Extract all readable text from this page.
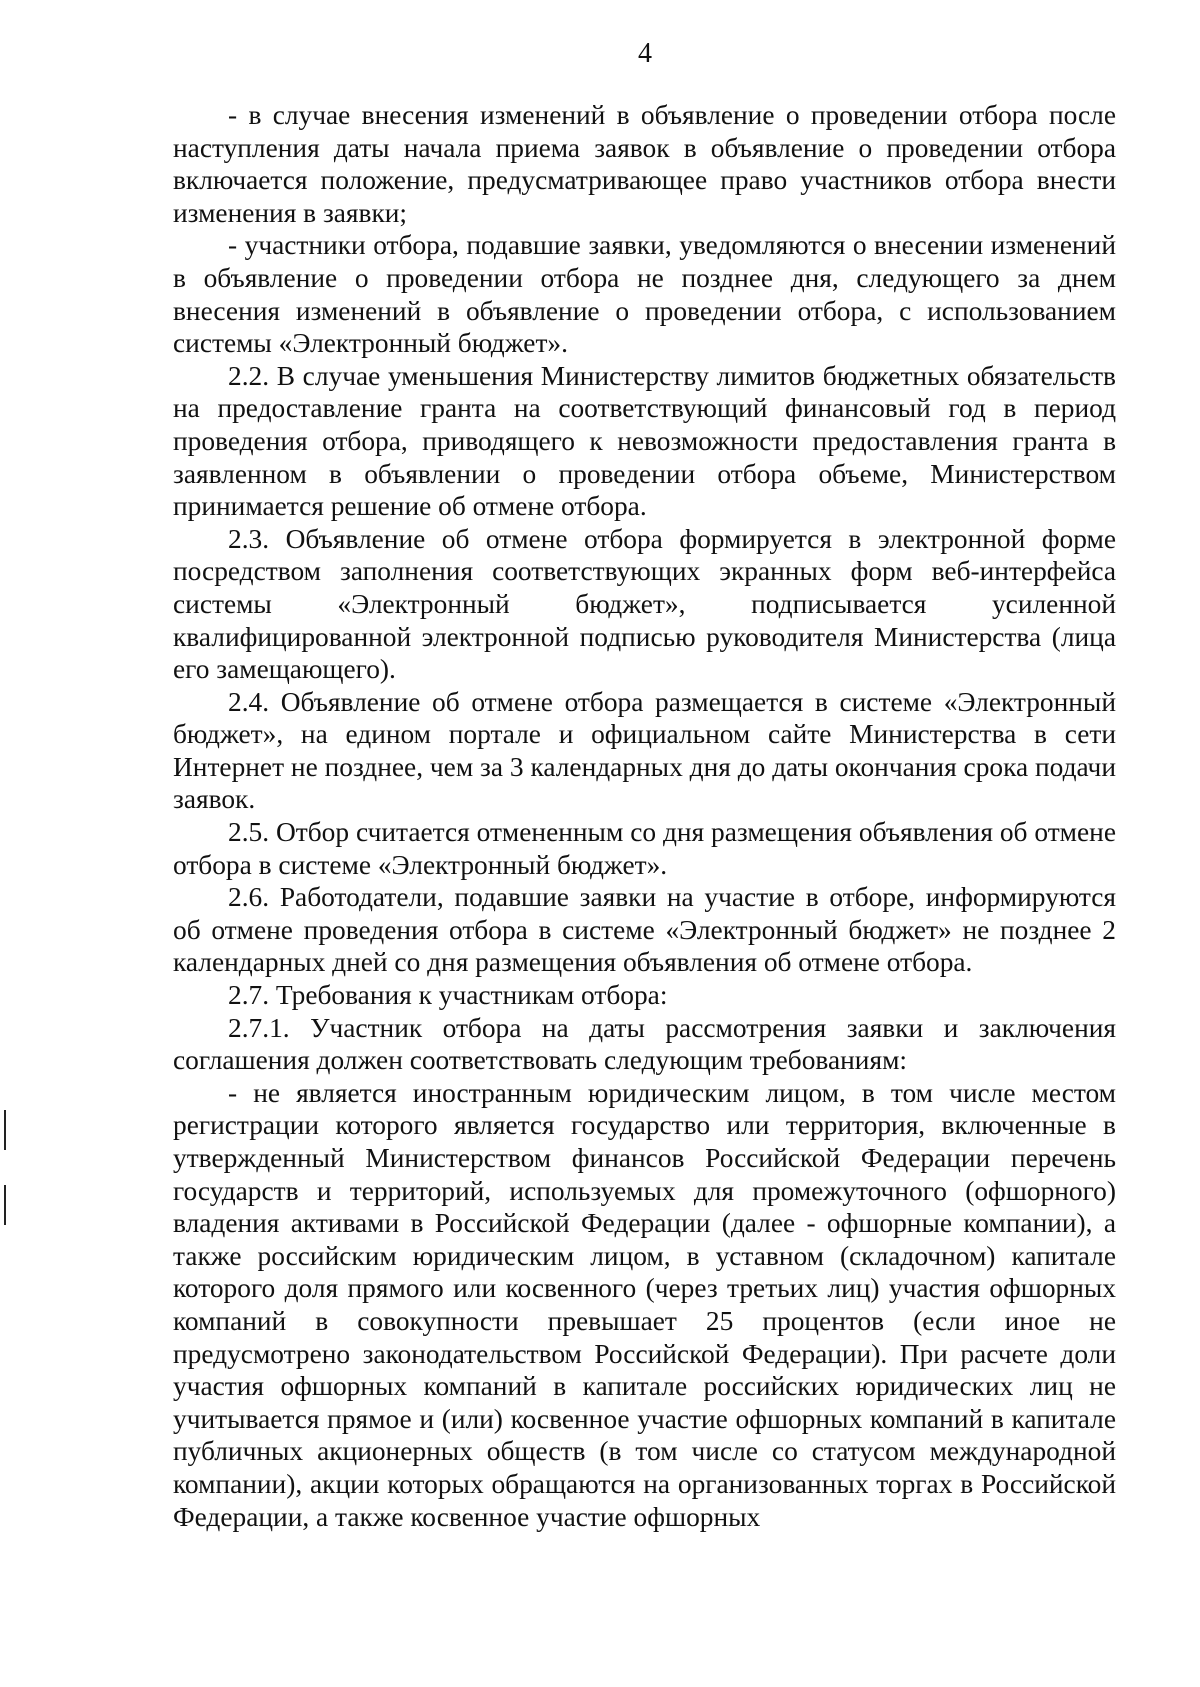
4

- в случае внесения изменений в объявление о проведении отбора после наступления даты начала приема заявок в объявление о проведении отбора включается положение, предусматривающее право участников отбора внести изменения в заявки;

- участники отбора, подавшие заявки, уведомляются о внесении изменений в объявление о проведении отбора не позднее дня, следующего за днем внесения изменений в объявление о проведении отбора, с использованием системы «Электронный бюджет».

2.2. В случае уменьшения Министерству лимитов бюджетных обязательств на предоставление гранта на соответствующий финансовый год в период проведения отбора, приводящего к невозможности предоставления гранта в заявленном в объявлении о проведении отбора объеме, Министерством принимается решение об отмене отбора.

2.3. Объявление об отмене отбора формируется в электронной форме посредством заполнения соответствующих экранных форм веб-интерфейса системы «Электронный бюджет», подписывается усиленной квалифицированной электронной подписью руководителя Министерства (лица его замещающего).

2.4. Объявление об отмене отбора размещается в системе «Электронный бюджет», на едином портале и официальном сайте Министерства в сети Интернет не позднее, чем за 3 календарных дня до даты окончания срока подачи заявок.

2.5. Отбор считается отмененным со дня размещения объявления об отмене отбора в системе «Электронный бюджет».

2.6. Работодатели, подавшие заявки на участие в отборе, информируются об отмене проведения отбора в системе «Электронный бюджет» не позднее 2 календарных дней со дня размещения объявления об отмене отбора.

2.7. Требования к участникам отбора:

2.7.1. Участник отбора на даты рассмотрения заявки и заключения соглашения должен соответствовать следующим требованиям:

- не является иностранным юридическим лицом, в том числе местом регистрации которого является государство или территория, включенные в утвержденный Министерством финансов Российской Федерации перечень государств и территорий, используемых для промежуточного (офшорного) владения активами в Российской Федерации (далее - офшорные компании), а также российским юридическим лицом, в уставном (складочном) капитале которого доля прямого или косвенного (через третьих лиц) участия офшорных компаний в совокупности превышает 25 процентов (если иное не предусмотрено законодательством Российской Федерации). При расчете доли участия офшорных компаний в капитале российских юридических лиц не учитывается прямое и (или) косвенное участие офшорных компаний в капитале публичных акционерных обществ (в том числе со статусом международной компании), акции которых обращаются на организованных торгах в Российской Федерации, а также косвенное участие офшорных
